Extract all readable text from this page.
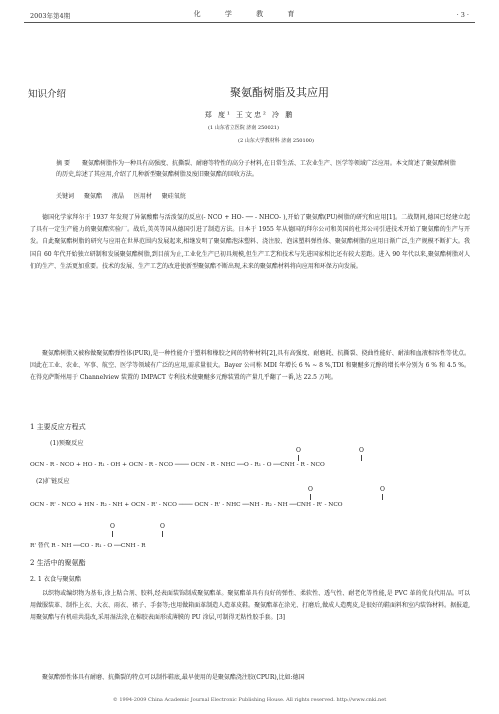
2003年第4期	化 学 教 育	· 3 ·
知识介绍	聚氨酯树脂及其应用
郑 度¹ 王文忠² 冷 鹏
(1 山东省立医院 济南 250021)
(2 山东大学教材科 济南 250100)
摘要 聚氨酯树脂作为一种具有高强度、抗撕裂、耐磨等特性的高分子材料,在日常生活、工农业生产、医学等领域广泛应用。本文简述了聚氨酯树脂的历史,综述了其应用,介绍了几种新型聚氨酯树脂及废旧聚氨酯的回收方法。
关键词 聚氨酯 液晶 医用材 聚硅氧烷
德国化学家拜尔于 1937 年发现了异氰酸酯与活泼氢的反应(- NCO + HO- ── - NHCO- ),开始了聚氨酯(PU)树脂的研究和应用[1]。二战期间,德国已经建立起了具有一定生产能力的聚氨酯实验厂。战后,美英等国从德国引进了制造方法。日本于 1955 年从德国的拜尔公司和美国的杜邦公司引进技术开始了聚氨酯的生产与开发。自此聚氨酯树脂的研究与应用在世界范围内发展起来,相继发明了聚氨酯泡沫塑料、浇注胶、泡沫塑料弹性体、聚氨酯树脂的应用日渐广泛,生产规模不断扩大。我国自 60 年代开始独立研制和发展聚氨酯树脂,到目前为止,工业化生产已初具规模,但生产工艺和技术与先进国家相比还有较大差距。进入 90 年代以来,聚氨酯树脂对人们的生产、生活更加重要。技术的发展、生产工艺的改进使新型聚氨酯不断出现,未来的聚氨酯材料将向应用和环保方向发展。
聚氨酯树脂又被称做聚氨酯弹性体(PUR),是一种性能介于塑料和橡胶之间的特种材料[2],具有高强度、耐磨耗、抗撕裂、挠曲性能好、耐油和血液相容性等优点。因此在工业、农业、军事、航空、医学等领域有广泛的应用,需求量很大。Bayer 公司称 MDI 年增长 6 % ~ 8 %,TDI 和聚醚多元醇的增长率分别为 6 % 和 4.5 %。在得克萨斯州用于 Channelview 装置的 IMPACT 专利技术使聚醚多元醇装置的产量几乎翻了一番,达 22.5 万吨。
1 主要反应方程式
(1)预聚反应
O	O
OCN - R - NCO + HO - R₁ - OH + OCN - R - NCO ──── OCN - R - NHC ──O - R₁ - O ──CNH - R - NCO
(2)扩链反应
O	O
OCN - R' - NCO + HN - R₂ - NH + OCN - R' - NCO ──── OCN - R' - NHC ──NH - R₂ - NH ──CNH - R' - NCO
O	O
R' 替代 R - NH ──CO - R₁ - O ──CNH - R
2 生活中的聚氨酯
2. 1 衣食与聚氨酯
以织物或编织物为基布,涂上粘合剂、胶料,经表面装饰制成聚氨酯革。聚氨酯革具有良好的弹性、柔软性、透气性、耐老化等性能,是 PVC 革的优良代用品。可以用做服装革、制作上衣、大衣、雨衣、裙子、手套等;也用做箱面革制造人造革皮鞋。聚氨酯革在涂光、打磨后,做成人造麂皮,是很好的鞋面料和室内装饰材料。据报道,用聚氨酯与有机硅共混改,采用湿法涂,在棉胶表面形成薄膜的 PU 涂层,可制得无粘性胶手套。[3]
聚氨酯弹性体具有耐磨、抗撕裂的特点可以制作鞋底,最早使用的是聚氨酯浇注胶(CPUR),比如:德国
© 1994-2009 China Academic Journal Electronic Publishing House. All rights reserved. http://www.cnki.net
